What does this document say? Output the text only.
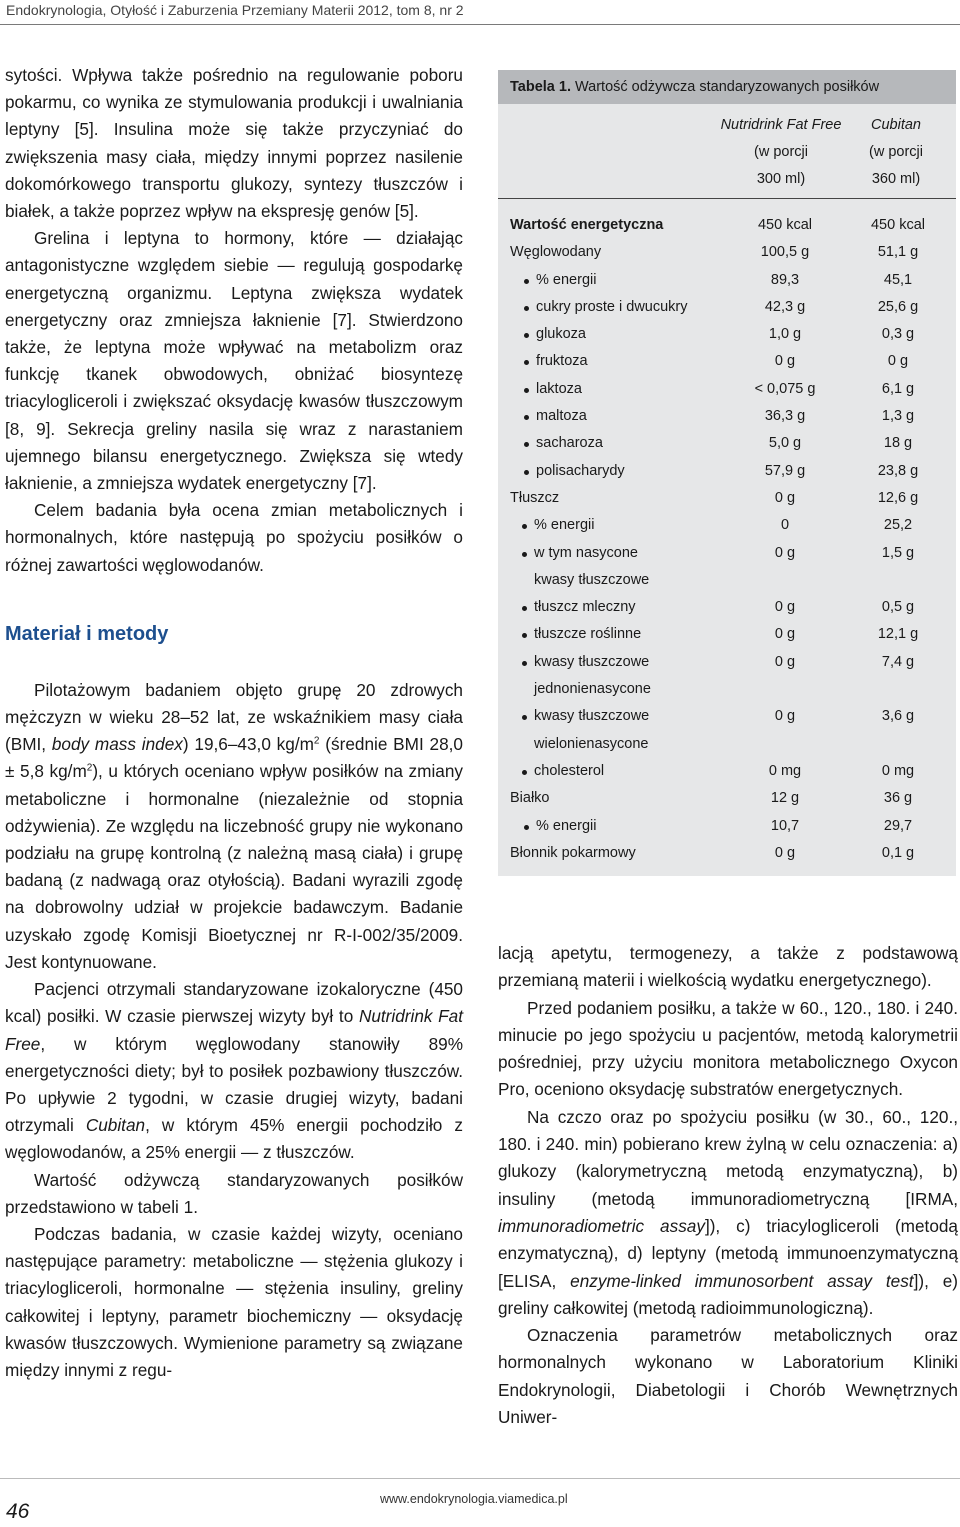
Endokrynologia, Otyłość i Zaburzenia Przemiany Materii 2012, tom 8, nr 2

sytości. Wpływa także pośrednio na regulowanie poboru pokarmu, co wynika ze stymulowania produkcji i uwalniania leptyny [5]. Insulina może się także przyczyniać do zwiększenia masy ciała, między innymi poprzez nasilenie dokomórkowego transportu glukozy, syntezy tłuszczów i białek, a także poprzez wpływ na ekspresję genów [5].

Grelina i leptyna to hormony, które — działając antagonistyczne względem siebie — regulują gospodarkę energetyczną organizmu. Leptyna zwiększa wydatek energetyczny oraz zmniejsza łaknienie [7]. Stwierdzono także, że leptyna może wpływać na metabolizm oraz funkcję tkanek obwodowych, obniżać biosyntezę triacylogliceroli i zwiększać oksydację kwasów tłuszczowym [8, 9]. Sekrecja greliny nasila się wraz z narastaniem ujemnego bilansu energetycznego. Zwiększa się wtedy łaknienie, a zmniejsza wydatek energetyczny [7].

Celem badania była ocena zmian metabolicznych i hormonalnych, które następują po spożyciu posiłków o różnej zawartości węglowodanów.

Materiał i metody

Pilotażowym badaniem objęto grupę 20 zdrowych mężczyzn w wieku 28–52 lat, ze wskaźnikiem masy ciała (BMI, body mass index) 19,6–43,0 $kg/m^2$ (średnie BMI 28,0 ± 5,8 $kg/m^2$), u których oceniano wpływ posiłków na zmiany metaboliczne i hormonalne (niezależnie od stopnia odżywienia). Ze względu na liczebność grupy nie wykonano podziału na grupę kontrolną (z należną masą ciała) i grupę badaną (z nadwagą oraz otyłością). Badani wyrazili zgodę na dobrowolny udział w projekcie badawczym. Badanie uzyskało zgodę Komisji Bioetycznej nr R-I-002/35/2009. Jest kontynuowane.

Pacjenci otrzymali standaryzowane izokaloryczne (450 kcal) posiłki. W czasie pierwszej wizyty był to Nutridrink Fat Free, w którym węglowodany stanowiły 89% energetyczności diety; był to posiłek pozbawiony tłuszczów. Po upływie 2 tygodni, w czasie drugiej wizyty, badani otrzymali Cubitan, w którym 45% energii pochodziło z węglowodanów, a 25% energii — z tłuszczów.

Wartość odżywczą standaryzowanych posiłków przedstawiono w tabeli 1.

Podczas badania, w czasie każdej wizyty, oceniano następujące parametry: metaboliczne — stężenia glukozy i triacylogliceroli, hormonalne — stężenia insuliny, greliny całkowitej i leptyny, parametr biochemiczny — oksydację kwasów tłuszczowych. Wymienione parametry są związane między innymi z regu-

Tabela 1. Wartość odżywcza standaryzowanych posiłków
Nutridrink Fat Free
(w porcji
300 ml)
Cubitan
(w porcji
360 ml)
Wartość energetyczna	450 kcal	450 kcal
Węglowodany	100,5 g	51,1 g
% energii	89,3	45,1
cukry proste i dwucukry	42,3 g	25,6 g
glukoza	1,0 g	0,3 g
fruktoza	0 g	0 g
laktoza	< 0,075 g	6,1 g
maltoza	36,3 g	1,3 g
sacharoza	5,0 g	18 g
polisacharydy	57,9 g	23,8 g
Tłuszcz	0 g	12,6 g
% energii	0	25,2
w tym nasycone	0 g	1,5 g
kwasy tłuszczowe
tłuszcz mleczny	0 g	0,5 g
tłuszcze roślinne	0 g	12,1 g
kwasy tłuszczowe	0 g	7,4 g
jednonienasycone
kwasy tłuszczowe	0 g	3,6 g
wielonienasycone
cholesterol	0 mg	0 mg
Białko	12 g	36 g
% energii	10,7	29,7
Błonnik pokarmowy	0 g	0,1 g

lacją apetytu, termogenezy, a także z podstawową przemianą materii i wielkością wydatku energetycznego).

Przed podaniem posiłku, a także w 60., 120., 180. i 240. minucie po jego spożyciu u pacjentów, metodą kalorymetrii pośredniej, przy użyciu monitora metabolicznego Oxycon Pro, oceniono oksydację substratów energetycznych.

Na czczo oraz po spożyciu posiłku (w 30., 60., 120., 180. i 240. min) pobierano krew żylną w celu oznaczenia: a) glukozy (kalorymetryczną metodą enzymatyczną), b) insuliny (metodą immunoradiometryczną [IRMA, immunoradiometric assay]), c) triacylogliceroli (metodą enzymatyczną), d) leptyny (metodą immunoenzymatyczną [ELISA, enzyme-linked immunosorbent assay test]), e) greliny całkowitej (metodą radioimmunologiczną).

Oznaczenia parametrów metabolicznych oraz hormonalnych wykonano w Laboratorium Kliniki Endokrynologii, Diabetologii i Chorób Wewnętrznych Uniwer-

46
www.endokrynologia.viamedica.pl
